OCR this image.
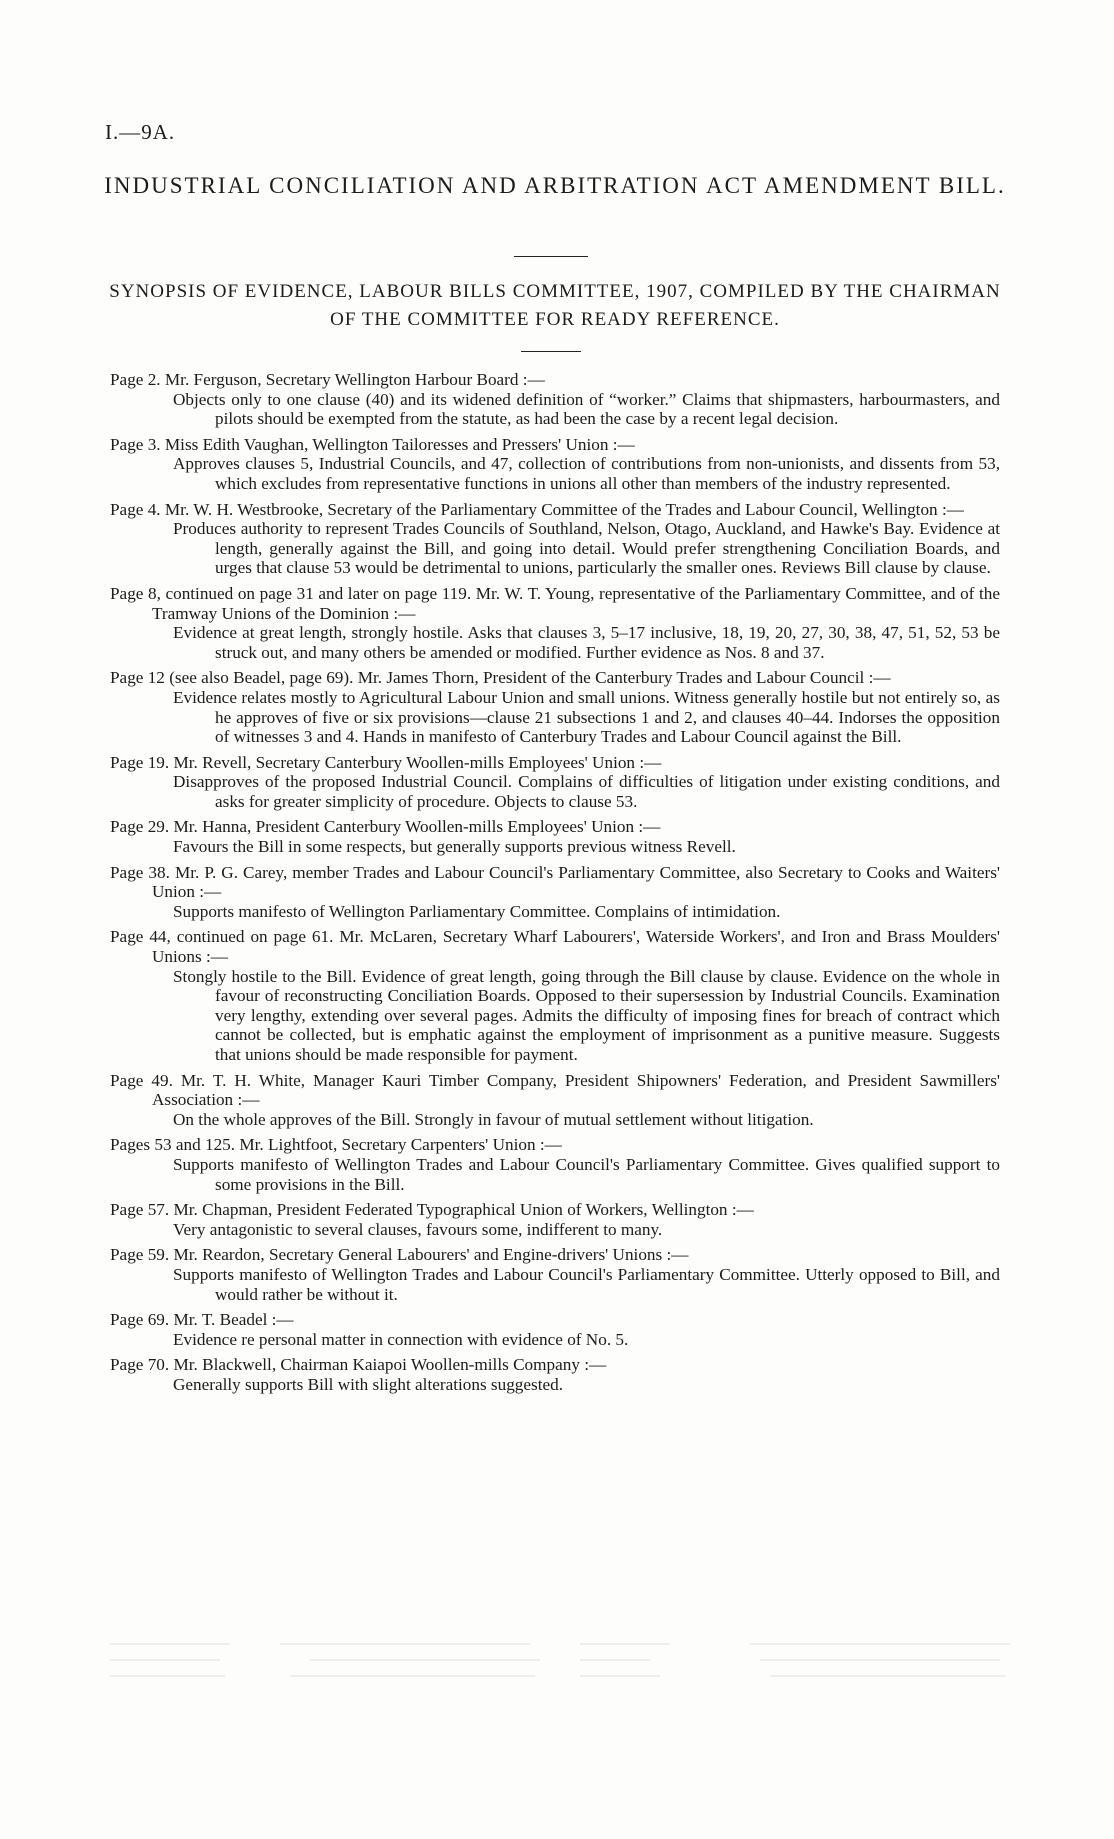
I.—9A.
INDUSTRIAL CONCILIATION AND ARBITRATION ACT AMENDMENT BILL.
SYNOPSIS OF EVIDENCE, LABOUR BILLS COMMITTEE, 1907, COMPILED BY THE CHAIRMAN OF THE COMMITTEE FOR READY REFERENCE.
Page 2. Mr. Ferguson, Secretary Wellington Harbour Board :—
Objects only to one clause (40) and its widened definition of “worker.” Claims that shipmasters, harbourmasters, and pilots should be exempted from the statute, as had been the case by a recent legal decision.
Page 3. Miss Edith Vaughan, Wellington Tailoresses and Pressers' Union :—
Approves clauses 5, Industrial Councils, and 47, collection of contributions from non-unionists, and dissents from 53, which excludes from representative functions in unions all other than members of the industry represented.
Page 4. Mr. W. H. Westbrooke, Secretary of the Parliamentary Committee of the Trades and Labour Council, Wellington :—
Produces authority to represent Trades Councils of Southland, Nelson, Otago, Auckland, and Hawke's Bay. Evidence at length, generally against the Bill, and going into detail. Would prefer strengthening Conciliation Boards, and urges that clause 53 would be detrimental to unions, particularly the smaller ones. Reviews Bill clause by clause.
Page 8, continued on page 31 and later on page 119. Mr. W. T. Young, representative of the Parliamentary Committee, and of the Tramway Unions of the Dominion :—
Evidence at great length, strongly hostile. Asks that clauses 3, 5–17 inclusive, 18, 19, 20, 27, 30, 38, 47, 51, 52, 53 be struck out, and many others be amended or modified. Further evidence as Nos. 8 and 37.
Page 12 (see also Beadel, page 69). Mr. James Thorn, President of the Canterbury Trades and Labour Council :—
Evidence relates mostly to Agricultural Labour Union and small unions. Witness generally hostile but not entirely so, as he approves of five or six provisions—clause 21 subsections 1 and 2, and clauses 40–44. Indorses the opposition of witnesses 3 and 4. Hands in manifesto of Canterbury Trades and Labour Council against the Bill.
Page 19. Mr. Revell, Secretary Canterbury Woollen-mills Employees' Union :—
Disapproves of the proposed Industrial Council. Complains of difficulties of litigation under existing conditions, and asks for greater simplicity of procedure. Objects to clause 53.
Page 29. Mr. Hanna, President Canterbury Woollen-mills Employees' Union :—
Favours the Bill in some respects, but generally supports previous witness Revell.
Page 38. Mr. P. G. Carey, member Trades and Labour Council's Parliamentary Committee, also Secretary to Cooks and Waiters' Union :—
Supports manifesto of Wellington Parliamentary Committee. Complains of intimidation.
Page 44, continued on page 61. Mr. McLaren, Secretary Wharf Labourers', Waterside Workers', and Iron and Brass Moulders' Unions :—
Stongly hostile to the Bill. Evidence of great length, going through the Bill clause by clause. Evidence on the whole in favour of reconstructing Conciliation Boards. Opposed to their supersession by Industrial Councils. Examination very lengthy, extending over several pages. Admits the difficulty of imposing fines for breach of contract which cannot be collected, but is emphatic against the employment of imprisonment as a punitive measure. Suggests that unions should be made responsible for payment.
Page 49. Mr. T. H. White, Manager Kauri Timber Company, President Shipowners' Federation, and President Sawmillers' Association :—
On the whole approves of the Bill. Strongly in favour of mutual settlement without litigation.
Pages 53 and 125. Mr. Lightfoot, Secretary Carpenters' Union :—
Supports manifesto of Wellington Trades and Labour Council's Parliamentary Committee. Gives qualified support to some provisions in the Bill.
Page 57. Mr. Chapman, President Federated Typographical Union of Workers, Wellington :—
Very antagonistic to several clauses, favours some, indifferent to many.
Page 59. Mr. Reardon, Secretary General Labourers' and Engine-drivers' Unions :—
Supports manifesto of Wellington Trades and Labour Council's Parliamentary Committee. Utterly opposed to Bill, and would rather be without it.
Page 69. Mr. T. Beadel :—
Evidence re personal matter in connection with evidence of No. 5.
Page 70. Mr. Blackwell, Chairman Kaiapoi Woollen-mills Company :—
Generally supports Bill with slight alterations suggested.
